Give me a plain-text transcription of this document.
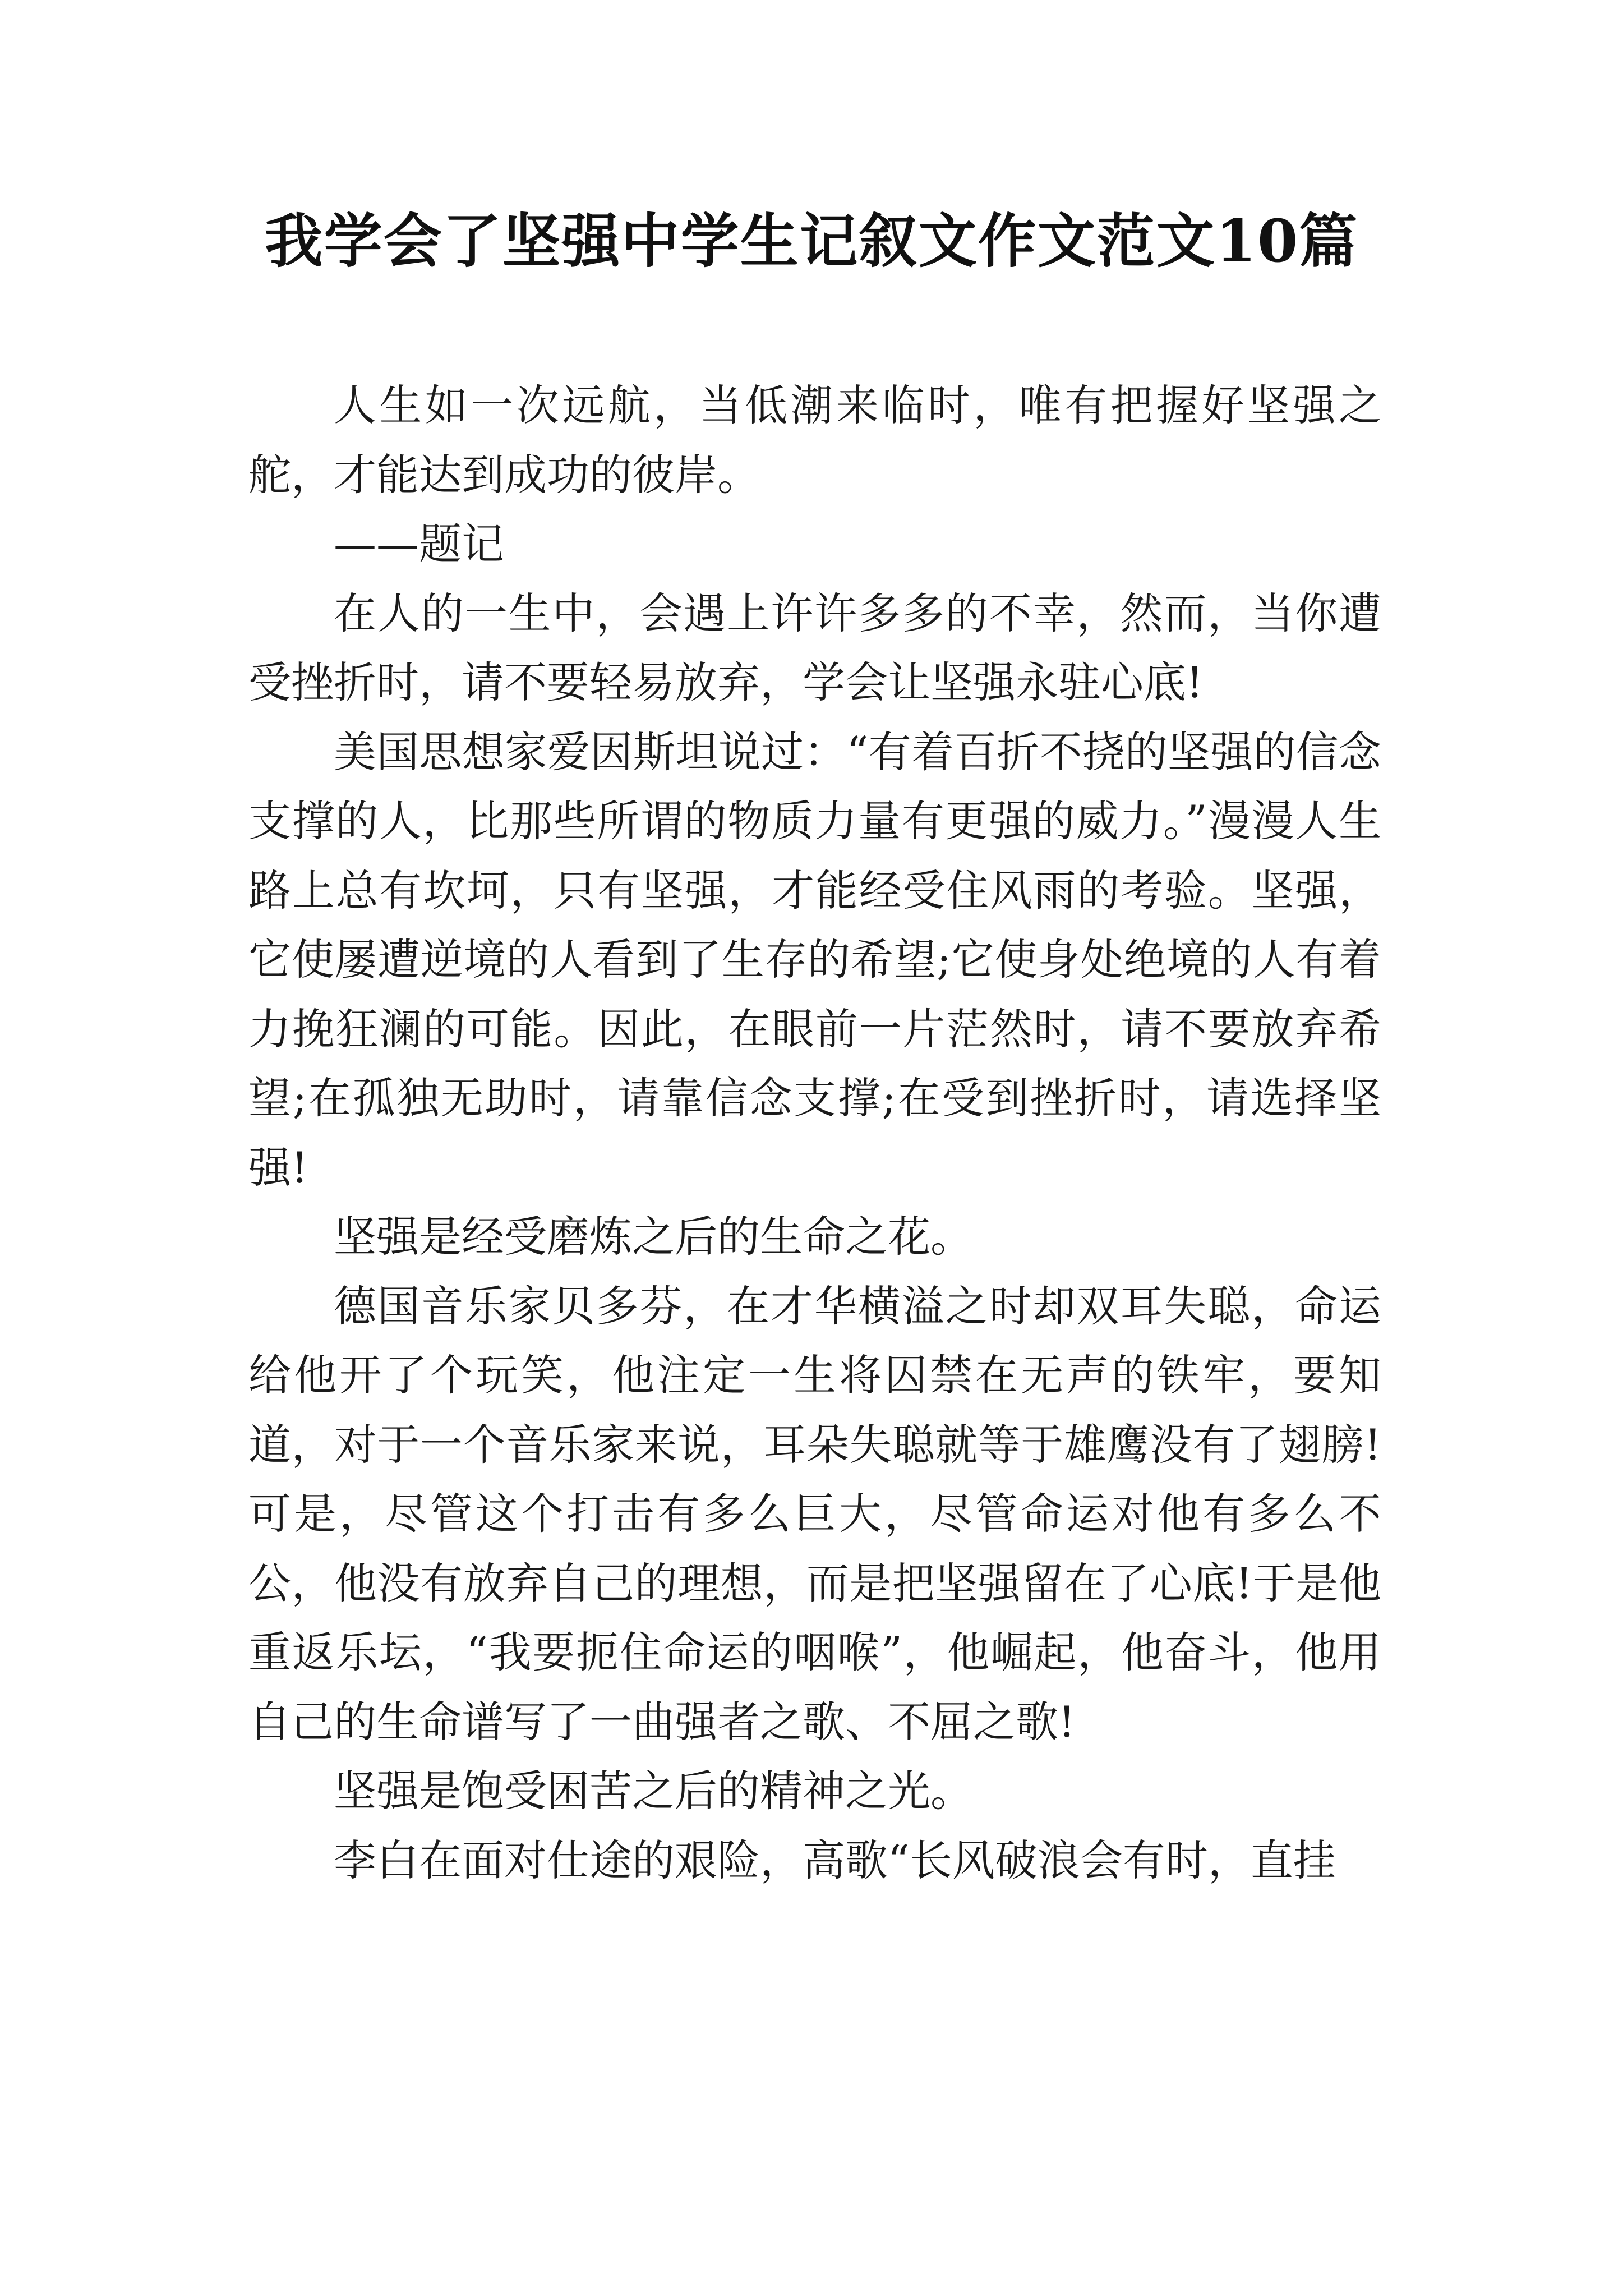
我学会了坚强中学生记叙文作文范文10篇

人生如一次远航，当低潮来临时，唯有把握好坚强之舵，才能达到成功的彼岸。

——题记

在人的一生中，会遇上许许多多的不幸，然而，当你遭受挫折时，请不要轻易放弃，学会让坚强永驻心底!

美国思想家爱因斯坦说过：“有着百折不挠的坚强的信念支撑的人，比那些所谓的物质力量有更强的威力。”漫漫人生路上总有坎坷，只有坚强，才能经受住风雨的考验。坚强，它使屡遭逆境的人看到了生存的希望;它使身处绝境的人有着力挽狂澜的可能。因此，在眼前一片茫然时，请不要放弃希望;在孤独无助时，请靠信念支撑;在受到挫折时，请选择坚强!

坚强是经受磨炼之后的生命之花。

德国音乐家贝多芬，在才华横溢之时却双耳失聪，命运给他开了个玩笑，他注定一生将囚禁在无声的铁牢，要知道，对于一个音乐家来说，耳朵失聪就等于雄鹰没有了翅膀!可是，尽管这个打击有多么巨大，尽管命运对他有多么不公，他没有放弃自己的理想，而是把坚强留在了心底!于是他重返乐坛，“我要扼住命运的咽喉”，他崛起，他奋斗，他用自己的生命谱写了一曲强者之歌、不屈之歌!

坚强是饱受困苦之后的精神之光。

李白在面对仕途的艰险，高歌“长风破浪会有时，直挂
